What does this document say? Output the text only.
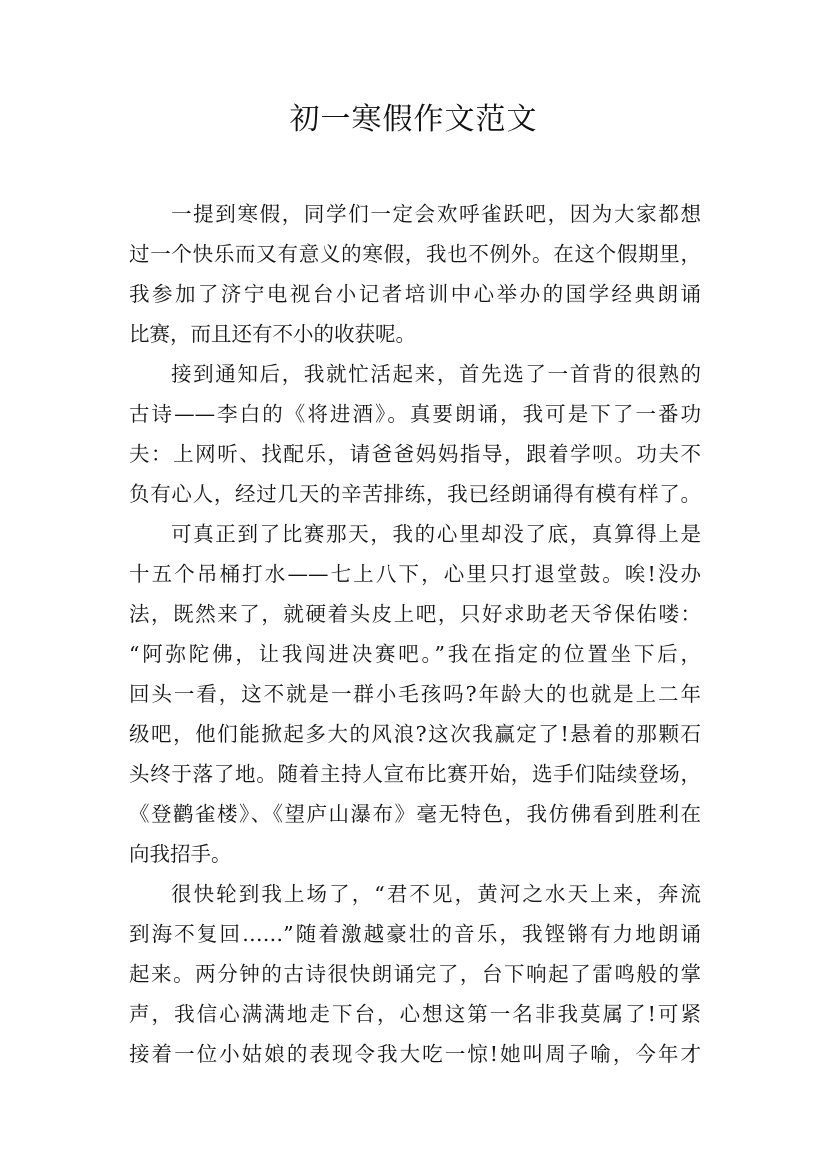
初一寒假作文范文
一提到寒假，同学们一定会欢呼雀跃吧，因为大家都想
过一个快乐而又有意义的寒假，我也不例外。在这个假期里，
我参加了济宁电视台小记者培训中心举办的国学经典朗诵
比赛，而且还有不小的收获呢。
接到通知后，我就忙活起来，首先选了一首背的很熟的
古诗——李白的《将进酒》。真要朗诵，我可是下了一番功
夫：上网听、找配乐，请爸爸妈妈指导，跟着学呗。功夫不
负有心人，经过几天的辛苦排练，我已经朗诵得有模有样了。
可真正到了比赛那天，我的心里却没了底，真算得上是
十五个吊桶打水——七上八下，心里只打退堂鼓。唉!没办
法，既然来了，就硬着头皮上吧，只好求助老天爷保佑喽：
“阿弥陀佛，让我闯进决赛吧。”我在指定的位置坐下后，
回头一看，这不就是一群小毛孩吗?年龄大的也就是上二年
级吧，他们能掀起多大的风浪?这次我赢定了!悬着的那颗石
头终于落了地。随着主持人宣布比赛开始，选手们陆续登场，
《登鹳雀楼》、《望庐山瀑布》毫无特色，我仿佛看到胜利在
向我招手。
很快轮到我上场了，“君不见，黄河之水天上来，奔流
到海不复回……”随着激越豪壮的音乐，我铿锵有力地朗诵
起来。两分钟的古诗很快朗诵完了，台下响起了雷鸣般的掌
声，我信心满满地走下台，心想这第一名非我莫属了!可紧
接着一位小姑娘的表现令我大吃一惊!她叫周子喻，今年才
